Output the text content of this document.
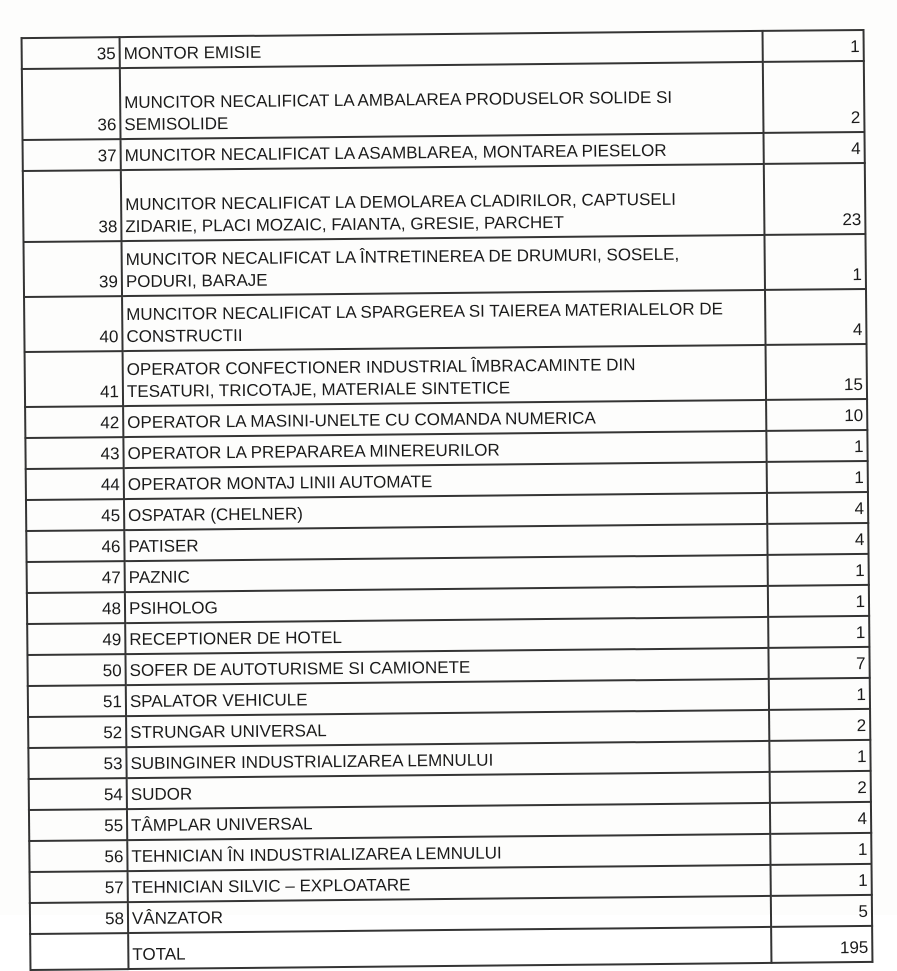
35	MONTOR EMISIE	1
36	MUNCITOR NECALIFICAT LA AMBALAREA PRODUSELOR SOLIDE SI
SEMISOLIDE	2
37	MUNCITOR NECALIFICAT LA ASAMBLAREA, MONTAREA PIESELOR	4
38	MUNCITOR NECALIFICAT LA DEMOLAREA CLADIRILOR, CAPTUSELI
ZIDARIE, PLACI MOZAIC, FAIANTA, GRESIE, PARCHET	23
39	MUNCITOR NECALIFICAT LA ÎNTRETINEREA DE DRUMURI, SOSELE,
PODURI, BARAJE	1
40	MUNCITOR NECALIFICAT LA SPARGEREA SI TAIEREA MATERIALELOR DE
CONSTRUCTII	4
41	OPERATOR CONFECTIONER INDUSTRIAL ÎMBRACAMINTE DIN
TESATURI, TRICOTAJE, MATERIALE SINTETICE	15
42	OPERATOR LA MASINI-UNELTE CU COMANDA NUMERICA	10
43	OPERATOR LA PREPARAREA MINEREURILOR	1
44	OPERATOR MONTAJ LINII AUTOMATE	1
45	OSPATAR (CHELNER)	4
46	PATISER	4
47	PAZNIC	1
48	PSIHOLOG	1
49	RECEPTIONER DE HOTEL	1
50	SOFER DE AUTOTURISME SI CAMIONETE	7
51	SPALATOR VEHICULE	1
52	STRUNGAR UNIVERSAL	2
53	SUBINGINER INDUSTRIALIZAREA LEMNULUI	1
54	SUDOR	2
55	TÂMPLAR UNIVERSAL	4
56	TEHNICIAN ÎN INDUSTRIALIZAREA LEMNULUI	1
57	TEHNICIAN SILVIC – EXPLOATARE	1
58	VÂNZATOR	5
	TOTAL	195
